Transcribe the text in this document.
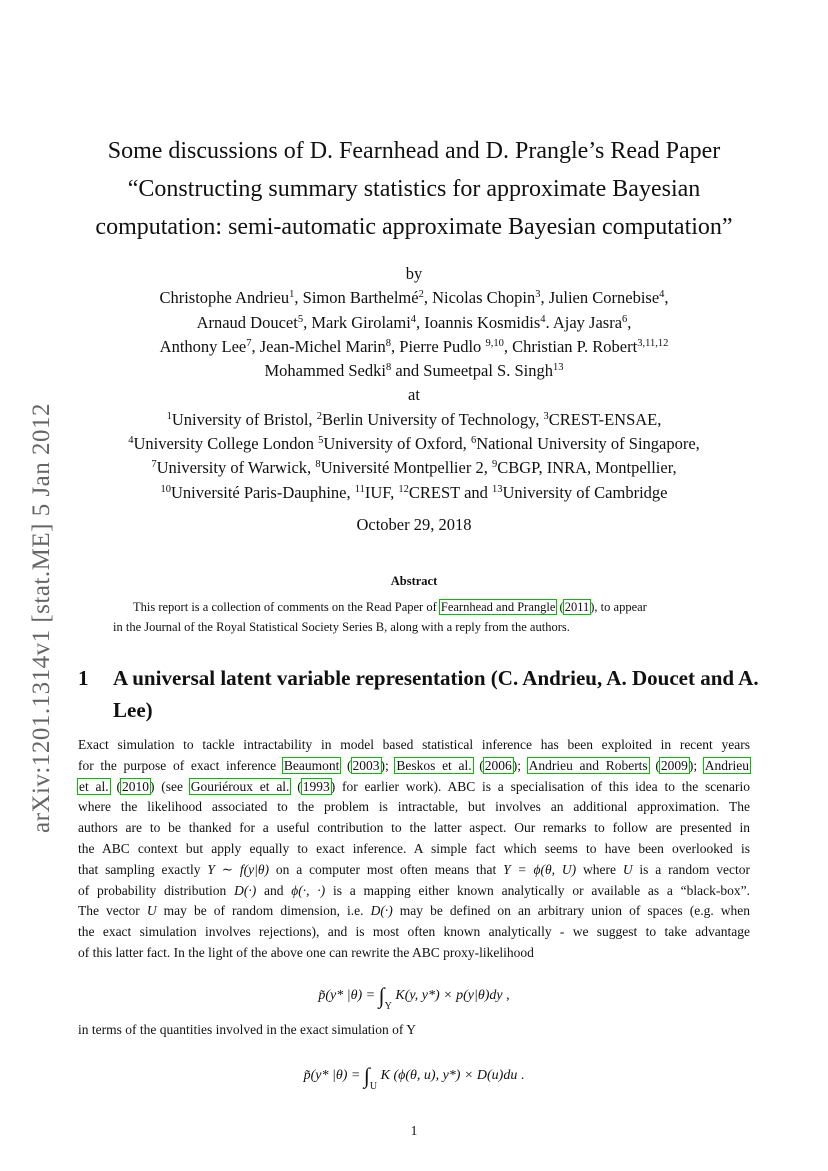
arXiv:1201.1314v1 [stat.ME] 5 Jan 2012
Some discussions of D. Fearnhead and D. Prangle’s Read Paper
“Constructing summary statistics for approximate Bayesian
computation: semi-automatic approximate Bayesian computation”
by
Christophe Andrieu$^1$, Simon Barthelmé$^2$, Nicolas Chopin$^3$, Julien Cornebise$^4$,
Arnaud Doucet$^5$, Mark Girolami$^4$, Ioannis Kosmidis$^4$. Ajay Jasra$^6$,
Anthony Lee$^7$, Jean-Michel Marin$^8$, Pierre Pudlo $^{9,10}$, Christian P. Robert$^{3,11,12}$
Mohammed Sedki$^8$ and Sumeetpal S. Singh$^{13}$
at
$^1$University of Bristol, $^2$Berlin University of Technology, $^3$CREST-ENSAE,
$^4$University College London $^5$University of Oxford, $^6$National University of Singapore,
$^7$University of Warwick, $^8$Université Montpellier 2, $^9$CBGP, INRA, Montpellier,
$^{10}$Université Paris-Dauphine, $^{11}$IUF, $^{12}$CREST and $^{13}$University of Cambridge
October 29, 2018
Abstract
This report is a collection of comments on the Read Paper of Fearnhead and Prangle (2011), to appear
in the Journal of the Royal Statistical Society Series B, along with a reply from the authors.
1 A universal latent variable representation (C. Andrieu, A. Doucet and A. Lee)
Exact simulation to tackle intractability in model based statistical inference has been exploited in recent years
for the purpose of exact inference Beaumont (2003); Beskos et al. (2006); Andrieu and Roberts (2009); Andrieu
et al. (2010) (see Gouriéroux et al. (1993) for earlier work). ABC is a specialisation of this idea to the scenario
where the likelihood associated to the problem is intractable, but involves an additional approximation. The
authors are to be thanked for a useful contribution to the latter aspect. Our remarks to follow are presented in
the ABC context but apply equally to exact inference. A simple fact which seems to have been overlooked is
that sampling exactly Y ∼ f(y|θ) on a computer most often means that Y = ϕ(θ, U) where U is a random vector
of probability distribution D(·) and ϕ(·, ·) is a mapping either known analytically or available as a “black-box”.
The vector U may be of random dimension, i.e. D(·) may be defined on an arbitrary union of spaces (e.g. when
the exact simulation involves rejections), and is most often known analytically - we suggest to take advantage
of this latter fact. In the light of the above one can rewrite the ABC proxy-likelihood
p̃(y* $|\theta) = \int_Y$ K(y, y*) × p(y|θ)dy ,
in terms of the quantities involved in the exact simulation of Y
p̃(y* $|\theta) = \int_U$ K (ϕ(θ, u), y*) × D(u)du .
1
